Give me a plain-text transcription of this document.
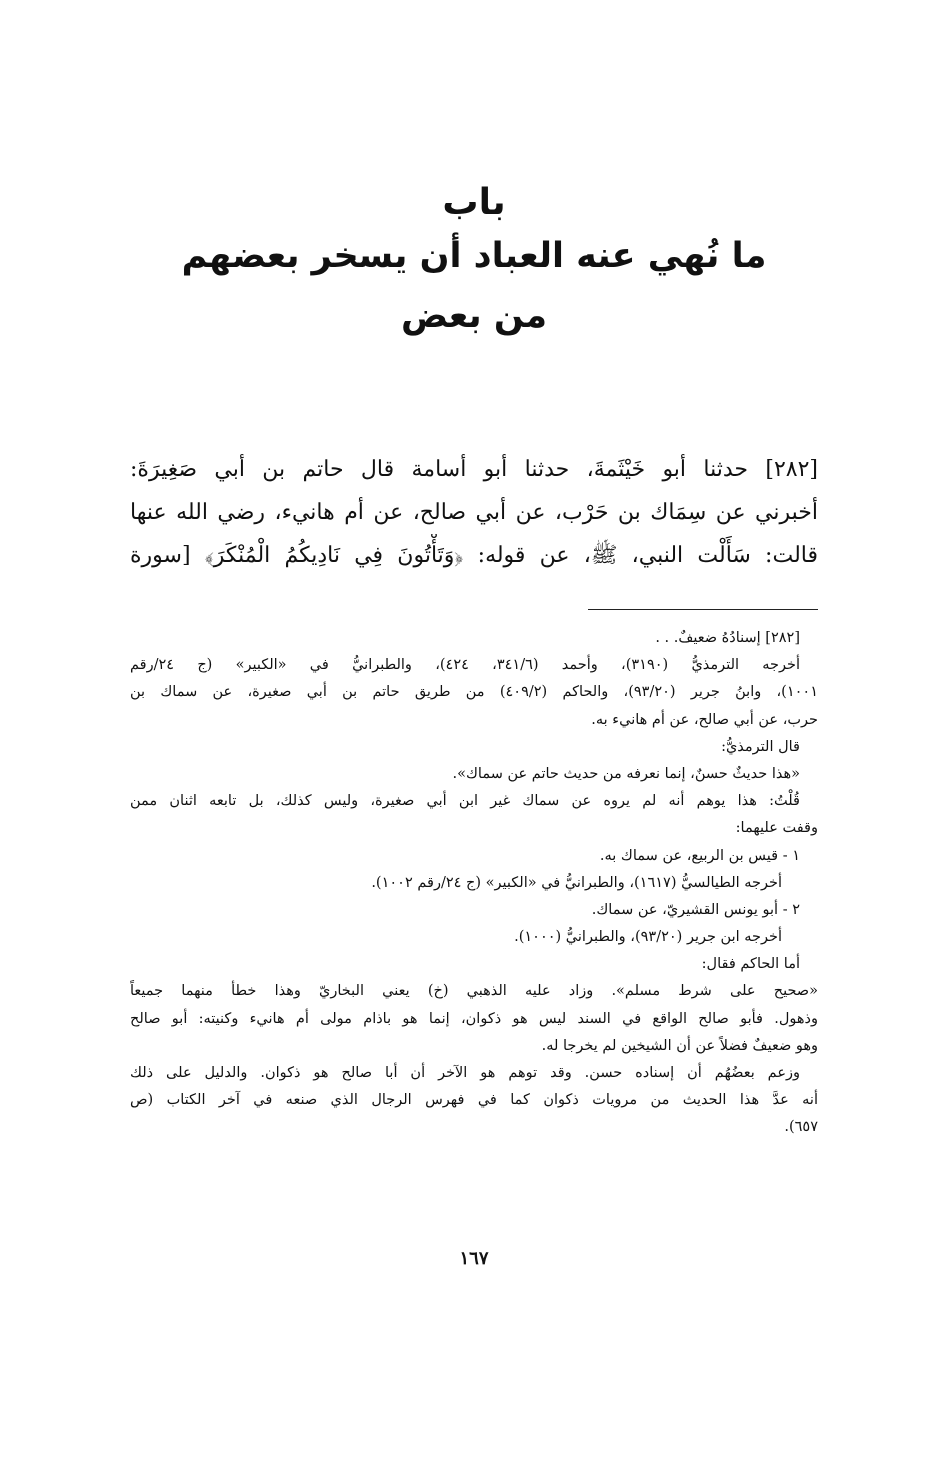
باب
ما نُهي عنه العباد أن يسخر بعضهم
من بعض
[٢٨٢] حدثنا أبو خَيْثَمةَ، حدثنا أبو أسامة قال حاتم بن أبي صَغِيرَةَ:
أخبرني عن سِمَاك بن حَرْب، عن أبي صالح، عن أم هانيء، رضي الله عنها
قالت: سَأَلْت النبي، ﷺ، عن قوله: ﴿وَتَأْتُونَ فِي نَادِيكُمُ الْمُنْكَرَ﴾ [سورة
[٢٨٢] إسنادُهُ ضعيفٌ. . .
أخرجه الترمذيُّ (٣١٩٠)، وأحمد (٣٤١/٦، ٤٢٤)، والطبرانيُّ في «الكبير» (ج ٢٤/رقم
١٠٠١)، وابنُ جرير (٩٣/٢٠)، والحاكم (٤٠٩/٢) من طريق حاتم بن أبي صغيرة، عن سماك بن
حرب، عن أبي صالح، عن أم هانيء به.
قال الترمذيُّ:
«هذا حديثٌ حسنٌ، إنما نعرفه من حديث حاتم عن سماك».
قُلْتُ: هذا يوهم أنه لم يروه عن سماك غير ابن أبي صغيرة، وليس كذلك، بل تابعه اثنان ممن
وقفت عليهما:
١ - قيس بن الربيع، عن سماك به.
أخرجه الطيالسيُّ (١٦١٧)، والطبرانيُّ في «الكبير» (ج ٢٤/رقم ١٠٠٢).
٢ - أبو يونس القشيريّ، عن سماك.
أخرجه ابن جرير (٩٣/٢٠)، والطبرانيُّ (١٠٠٠).
أما الحاكم فقال:
«صحيح على شرط مسلم». وزاد عليه الذهبي (خ) يعني البخاريّ وهذا خطأ منهما جميعاً
وذهول. فأبو صالح الواقع في السند ليس هو ذكوان، إنما هو باذام مولى أم هانيء وكنيته: أبو صالح
وهو ضعيفٌ فضلاً عن أن الشيخين لم يخرجا له.
وزعم بعضُهُم أن إسناده حسن. وقد توهم هو الآخر أن أبا صالح هو ذكوان. والدليل على ذلك
أنه عدَّ هذا الحديث من مرويات ذكوان كما في فهرس الرجال الذي صنعه في آخر الكتاب (ص
٦٥٧).
١٦٧
